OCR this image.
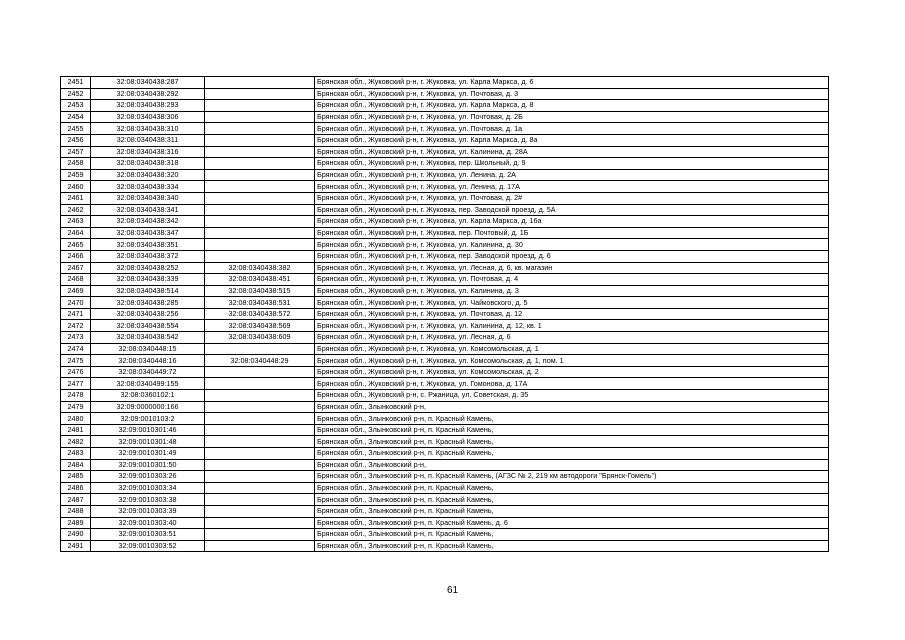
2451	32:08:0340438:287		Брянская обл., Жуковский р-н, г. Жуковка, ул. Карла Маркса, д. 6
2452	32:08:0340438:292		Брянская обл., Жуковский р-н, г. Жуковка, ул. Почтовая, д. 3
2453	32:08:0340438:293		Брянская обл., Жуковский р-н, г. Жуковка, ул. Карла Маркса, д. 8
2454	32:08:0340438:306		Брянская обл., Жуковский р-н, г. Жуковка, ул. Почтовая, д. 2Б
2455	32:08:0340438:310		Брянская обл., Жуковский р-н, г. Жуковка, ул. Почтовая, д. 1а
2456	32:08:0340438:311		Брянская обл., Жуковский р-н, г. Жуковка, ул. Карла Маркса, д. 8а
2457	32:08:0340438:316		Брянская обл., Жуковский р-н, г. Жуковка, ул. Калинина, д. 28А
2458	32:08:0340438:318		Брянская обл., Жуковский р-н, г. Жуковка, пер. Школьный, д. 9
2459	32:08:0340438:320		Брянская обл., Жуковский р-н, г. Жуковка, ул. Ленина, д. 2А
2460	32:08:0340438:334		Брянская обл., Жуковский р-н, г. Жуковка, ул. Ленина, д. 17А
2461	32:08:0340438:340		Брянская обл., Жуковский р-н, г. Жуковка, ул. Почтовая, д. 2#
2462	32:08:0340438:341		Брянская обл., Жуковский р-н, г. Жуковка, пер. Заводской проезд, д. 5А
2463	32:08:0340438:342		Брянская обл., Жуковский р-н, г. Жуковка, ул. Карла Маркса, д. 16а
2464	32:08:0340438:347		Брянская обл., Жуковский р-н, г. Жуковка, пер. Почтовый, д. 1Б
2465	32:08:0340438:351		Брянская обл., Жуковский р-н, г. Жуковка, ул. Калинина, д. 30
2466	32:08:0340438:372		Брянская обл., Жуковский р-н, г. Жуковка, пер. Заводской проезд, д. 6
2467	32:08:0340438:252	32:08:0340438:382	Брянская обл., Жуковский р-н, г. Жуковка, ул. Лесная, д. 6, кв. магазин
2468	32:08:0340438:339	32:08:0340438:451	Брянская обл., Жуковский р-н, г. Жуковка, ул. Почтовая, д. 4
2469	32:08:0340438:514	32:08:0340438:515	Брянская обл., Жуковский р-н, г. Жуковка, ул. Калинина, д. 3
2470	32:08:0340438:285	32:08:0340438:531	Брянская обл., Жуковский р-н, г. Жуковка, ул. Чайковского, д. 5
2471	32:08:0340438:256	32:08:0340438:572	Брянская обл., Жуковский р-н, г. Жуковка, ул. Почтовая, д. 12
2472	32:08:0340438:554	32:08:0340438:569	Брянская обл., Жуковский р-н, г. Жуковка, ул. Калинина, д. 12, кв. 1
2473	32:08:0340438:542	32:08:0340438:609	Брянская обл., Жуковский р-н, г. Жуковка, ул. Лесная, д. 6
2474	32:08:0340448:15		Брянская обл., Жуковский р-н, г. Жуковка, ул. Комсомольская, д. 1
2475	32:08:0340448:16	32:08:0340448:29	Брянская обл., Жуковский р-н, г. Жуковка, ул. Комсомольская, д. 1, пом. 1
2476	32:08:0340449:72		Брянская обл., Жуковский р-н, г. Жуковка, ул. Комсомольская, д. 2
2477	32:08:0340499:155		Брянская обл., Жуковский р-н, г. Жуковка, ул. Гомонова, д. 17А
2478	32:08:0360102:1		Брянская обл., Жуковский р-н, с. Ржаница, ул. Советская, д. 35
2479	32:09:0000000:166		Брянская обл., Злынковский р-н,
2480	32:09:0010103:2		Брянская обл., Злынковский р-н, п. Красный Камень,
2481	32:09:0010301:46		Брянская обл., Злынковский р-н, п. Красный Камень,
2482	32:09:0010301:48		Брянская обл., Злынковский р-н, п. Красный Камень,
2483	32:09:0010301:49		Брянская обл., Злынковский р-н, п. Красный Камень,
2484	32:09:0010301:50		Брянская обл., Злынковский р-н,
2485	32:09:0010303:26		Брянская обл., Злынковский р-н, п. Красный Камень, (АГЗС № 2, 219 км автодороги "Брянск-Гомель")
2486	32:09:0010303:34		Брянская обл., Злынковский р-н, п. Красный Камень,
2487	32:09:0010303:38		Брянская обл., Злынковский р-н, п. Красный Камень,
2488	32:09:0010303:39		Брянская обл., Злынковский р-н, п. Красный Камень,
2489	32:09:0010303:40		Брянская обл., Злынковский р-н, п. Красный Камень, д. 6
2490	32:09:0010303:51		Брянская обл., Злынковский р-н, п. Красный Камень,
2491	32:09:0010303:52		Брянская обл., Злынковский р-н, п. Красный Камень,
61
